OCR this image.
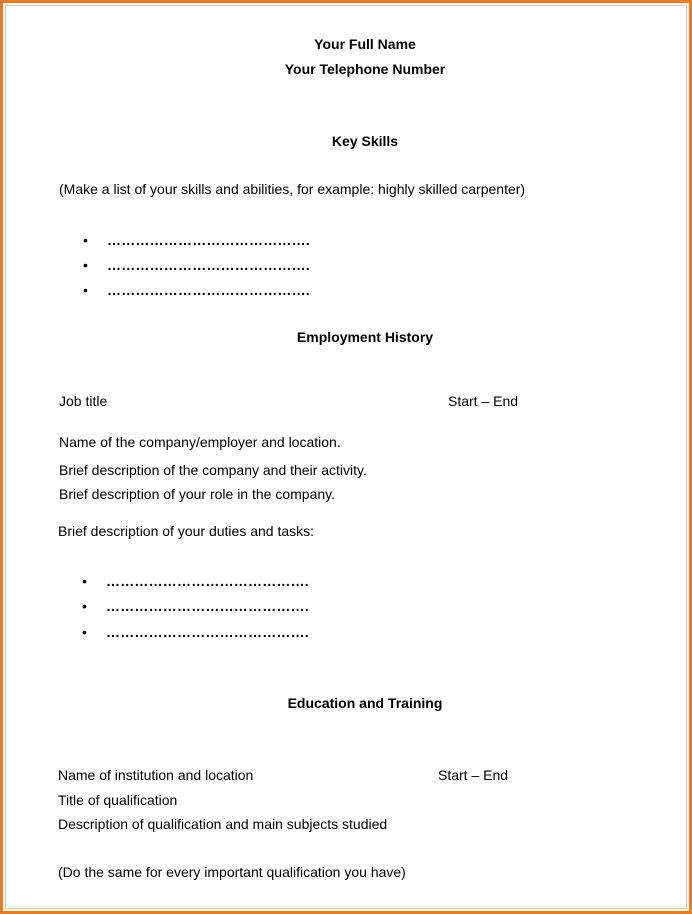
Your Full Name
Your Telephone Number
Key Skills
(Make a list of your skills and abilities, for example: highly skilled carpenter)
• …………………………………….
• …………………………………….
• …………………………………….
Employment History
Job title	Start – End
Name of the company/employer and location.
Brief description of the company and their activity.
Brief description of your role in the company.
Brief description of your duties and tasks:
• …………………………………….
• …………………………………….
• …………………………………….
Education and Training
Name of institution and location	Start – End
Title of qualification
Description of qualification and main subjects studied
(Do the same for every important qualification you have)
